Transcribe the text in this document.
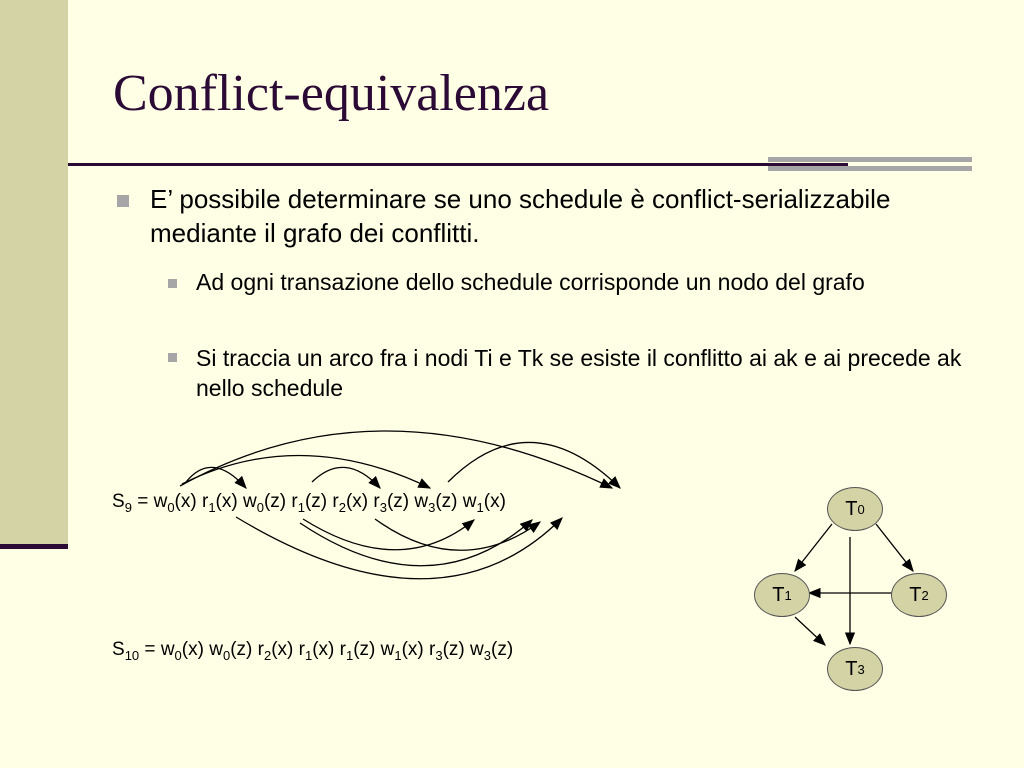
Conflict-equivalenza
E’ possibile determinare se uno schedule è conflict-serializzabile mediante il grafo dei conflitti.
Ad ogni transazione dello schedule corrisponde un nodo del grafo
Si traccia un arco fra i nodi Ti e Tk se esiste il conflitto ai ak e ai precede ak nello schedule
$S_9 = w_0(x)$ $r_1(x)$ $w_0(z)$ $r_1(z)$ $r_2(x)$ $r_3(z)$ $w_3(z)$ $w_1(x)$
$S_{10} = w_0(x)$ $w_0(z)$ $r_2(x)$ $r_1(x)$ $r_1(z)$ $w_1(x)$ $r_3(z)$ $w_3(z)$
T 0
T 1	T 2
T 3
